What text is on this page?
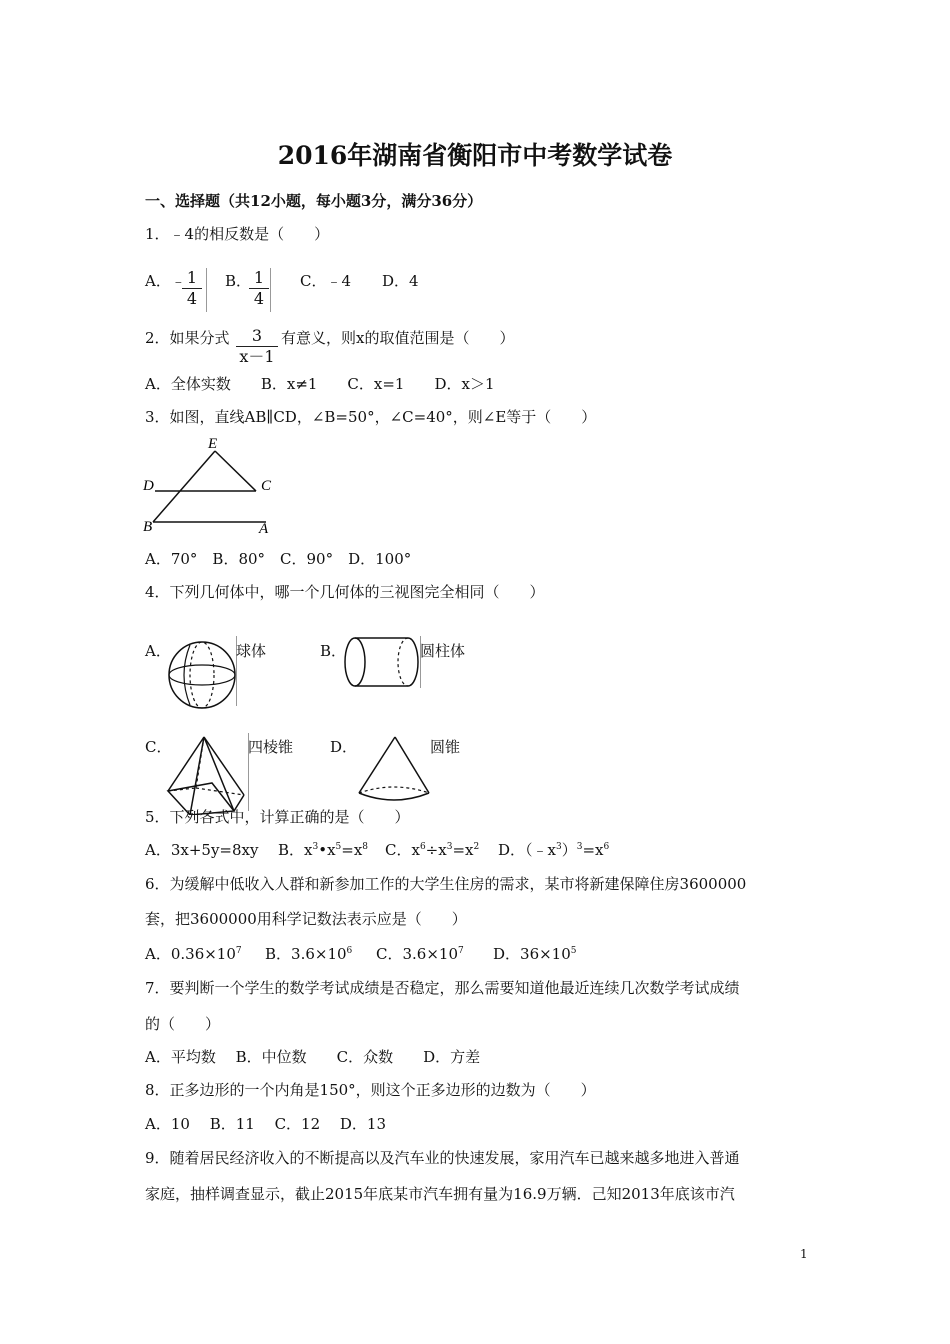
2016年湖南省衡阳市中考数学试卷
一、选择题（共12小题，每小题3分，满分36分）
1．﹣4的相反数是（　　）
A．﹣
$\frac{1}{4}$ B．
$\frac{1}{4}$ C．﹣4 D．4
2．如果分式 $\frac{3}{x-1}$ 有意义，则x的取值范围是（　　）
A．全体实数　　B．x≠1　　C．x=1　　D．x＞1
3．如图，直线AB∥CD，∠B=50°，∠C=40°，则∠E等于（　　）
E
D	C
B	A
A．70°　B．80°　C．90°　D．100°
4．下列几何体中，哪一个几何体的三视图完全相同（　　）
A．	球体	B．	圆柱体
C．	四棱锥 D．	圆锥
5．下列各式中，计算正确的是（　　）
A．3x+5y=8xy B．$x^3•x^5=x^8$ C．$x^6\div x^3=x^2$ D．$(﹣x^3)^3=x^6$
6．为缓解中低收入人群和新参加工作的大学生住房的需求，某市将新建保障住房3600000
套，把3600000用科学记数法表示应是（　　）
A．$0.36\times 10^7$ B．$3.6\times 10^6$ C．$3.6\times 10^7$ D．$36\times 10^5$
7．要判断一个学生的数学考试成绩是否稳定，那么需要知道他最近连续几次数学考试成绩
的（　　）
A．平均数　 B．中位数　　C．众数　　D．方差
8．正多边形的一个内角是150°，则这个正多边形的边数为（　　）
A．10　 B．11　 C．12　 D．13
9．随着居民经济收入的不断提高以及汽车业的快速发展，家用汽车已越来越多地进入普通
家庭，抽样调查显示，截止2015年底某市汽车拥有量为16.9万辆．己知2013年底该市汽
1
